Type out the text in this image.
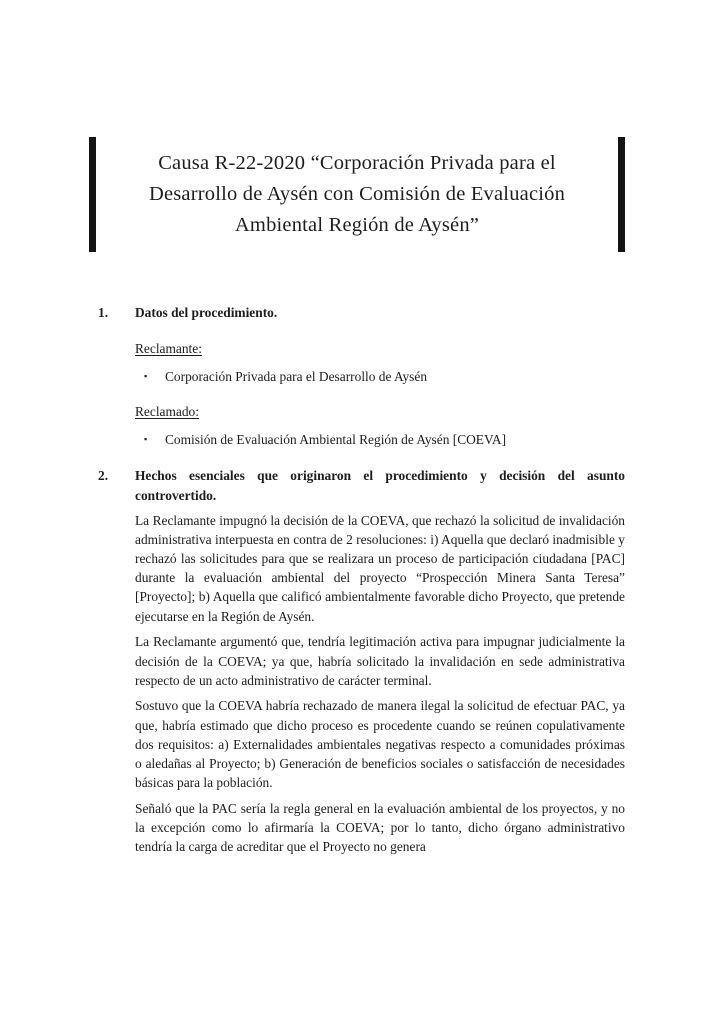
Causa R-22-2020 “Corporación Privada para el
Desarrollo de Aysén con Comisión de Evaluación
Ambiental Región de Aysén”
1.	Datos del procedimiento.
Reclamante:
▪	Corporación Privada para el Desarrollo de Aysén
Reclamado:
▪	Comisión de Evaluación Ambiental Región de Aysén [COEVA]
2.	Hechos esenciales que originaron el procedimiento y decisión del asunto controvertido.

La Reclamante impugnó la decisión de la COEVA, que rechazó la solicitud de invalidación administrativa interpuesta en contra de 2 resoluciones: i) Aquella que declaró inadmisible y rechazó las solicitudes para que se realizara un proceso de participación ciudadana [PAC] durante la evaluación ambiental del proyecto “Prospección Minera Santa Teresa” [Proyecto]; b) Aquella que calificó ambientalmente favorable dicho Proyecto, que pretende ejecutarse en la Región de Aysén.

La Reclamante argumentó que, tendría legitimación activa para impugnar judicialmente la decisión de la COEVA; ya que, habría solicitado la invalidación en sede administrativa respecto de un acto administrativo de carácter terminal.

Sostuvo que la COEVA habría rechazado de manera ilegal la solicitud de efectuar PAC, ya que, habría estimado que dicho proceso es procedente cuando se reúnen copulativamente dos requisitos: a) Externalidades ambientales negativas respecto a comunidades próximas o aledañas al Proyecto; b) Generación de beneficios sociales o satisfacción de necesidades básicas para la población.

Señaló que la PAC sería la regla general en la evaluación ambiental de los proyectos, y no la excepción como lo afirmaría la COEVA; por lo tanto, dicho órgano administrativo tendría la carga de acreditar que el Proyecto no genera
